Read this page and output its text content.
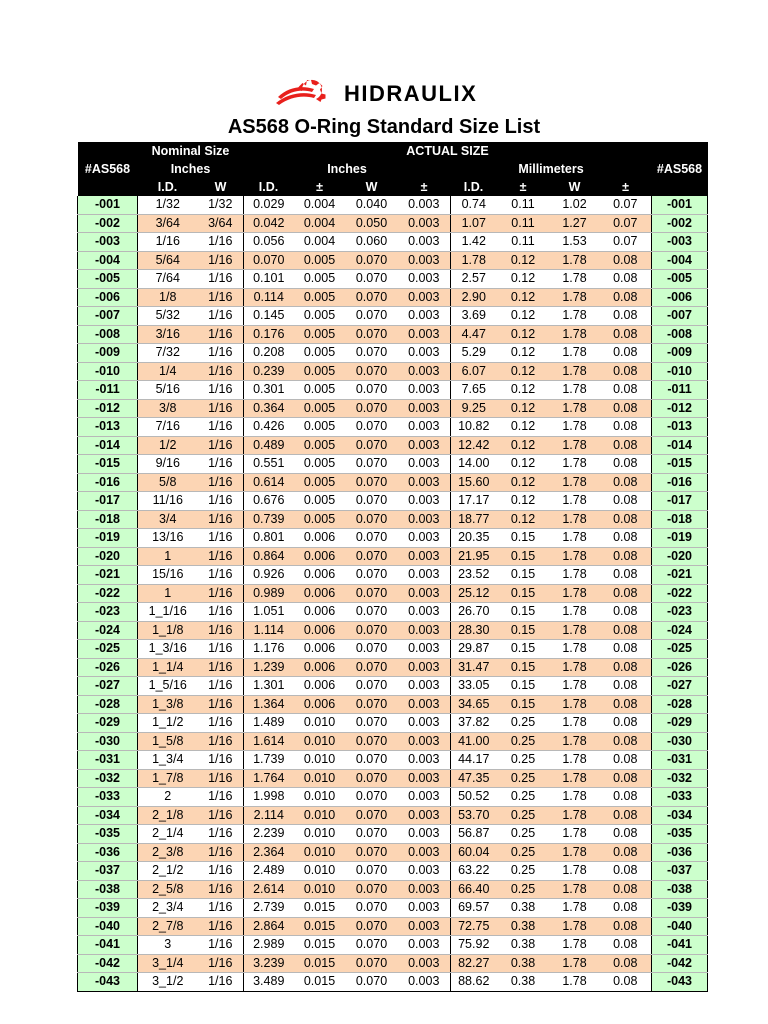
HIDRAULIX
AS568 O-Ring Standard Size List
#AS568	Nominal Size		ACTUAL SIZE								#AS568
	Inches		Inches				Millimeters				
	I.D.	W	I.D.	±	W	±	I.D.	±	W	±	
-001	1/32	1/32	0.029	0.004	0.040	0.003	0.74	0.11	1.02	0.07	-001
-002	3/64	3/64	0.042	0.004	0.050	0.003	1.07	0.11	1.27	0.07	-002
-003	1/16	1/16	0.056	0.004	0.060	0.003	1.42	0.11	1.53	0.07	-003
-004	5/64	1/16	0.070	0.005	0.070	0.003	1.78	0.12	1.78	0.08	-004
-005	7/64	1/16	0.101	0.005	0.070	0.003	2.57	0.12	1.78	0.08	-005
-006	1/8	1/16	0.114	0.005	0.070	0.003	2.90	0.12	1.78	0.08	-006
-007	5/32	1/16	0.145	0.005	0.070	0.003	3.69	0.12	1.78	0.08	-007
-008	3/16	1/16	0.176	0.005	0.070	0.003	4.47	0.12	1.78	0.08	-008
-009	7/32	1/16	0.208	0.005	0.070	0.003	5.29	0.12	1.78	0.08	-009
-010	1/4	1/16	0.239	0.005	0.070	0.003	6.07	0.12	1.78	0.08	-010
-011	5/16	1/16	0.301	0.005	0.070	0.003	7.65	0.12	1.78	0.08	-011
-012	3/8	1/16	0.364	0.005	0.070	0.003	9.25	0.12	1.78	0.08	-012
-013	7/16	1/16	0.426	0.005	0.070	0.003	10.82	0.12	1.78	0.08	-013
-014	1/2	1/16	0.489	0.005	0.070	0.003	12.42	0.12	1.78	0.08	-014
-015	9/16	1/16	0.551	0.005	0.070	0.003	14.00	0.12	1.78	0.08	-015
-016	5/8	1/16	0.614	0.005	0.070	0.003	15.60	0.12	1.78	0.08	-016
-017	11/16	1/16	0.676	0.005	0.070	0.003	17.17	0.12	1.78	0.08	-017
-018	3/4	1/16	0.739	0.005	0.070	0.003	18.77	0.12	1.78	0.08	-018
-019	13/16	1/16	0.801	0.006	0.070	0.003	20.35	0.15	1.78	0.08	-019
-020	1	1/16	0.864	0.006	0.070	0.003	21.95	0.15	1.78	0.08	-020
-021	15/16	1/16	0.926	0.006	0.070	0.003	23.52	0.15	1.78	0.08	-021
-022	1	1/16	0.989	0.006	0.070	0.003	25.12	0.15	1.78	0.08	-022
-023	1_1/16	1/16	1.051	0.006	0.070	0.003	26.70	0.15	1.78	0.08	-023
-024	1_1/8	1/16	1.114	0.006	0.070	0.003	28.30	0.15	1.78	0.08	-024
-025	1_3/16	1/16	1.176	0.006	0.070	0.003	29.87	0.15	1.78	0.08	-025
-026	1_1/4	1/16	1.239	0.006	0.070	0.003	31.47	0.15	1.78	0.08	-026
-027	1_5/16	1/16	1.301	0.006	0.070	0.003	33.05	0.15	1.78	0.08	-027
-028	1_3/8	1/16	1.364	0.006	0.070	0.003	34.65	0.15	1.78	0.08	-028
-029	1_1/2	1/16	1.489	0.010	0.070	0.003	37.82	0.25	1.78	0.08	-029
-030	1_5/8	1/16	1.614	0.010	0.070	0.003	41.00	0.25	1.78	0.08	-030
-031	1_3/4	1/16	1.739	0.010	0.070	0.003	44.17	0.25	1.78	0.08	-031
-032	1_7/8	1/16	1.764	0.010	0.070	0.003	47.35	0.25	1.78	0.08	-032
-033	2	1/16	1.998	0.010	0.070	0.003	50.52	0.25	1.78	0.08	-033
-034	2_1/8	1/16	2.114	0.010	0.070	0.003	53.70	0.25	1.78	0.08	-034
-035	2_1/4	1/16	2.239	0.010	0.070	0.003	56.87	0.25	1.78	0.08	-035
-036	2_3/8	1/16	2.364	0.010	0.070	0.003	60.04	0.25	1.78	0.08	-036
-037	2_1/2	1/16	2.489	0.010	0.070	0.003	63.22	0.25	1.78	0.08	-037
-038	2_5/8	1/16	2.614	0.010	0.070	0.003	66.40	0.25	1.78	0.08	-038
-039	2_3/4	1/16	2.739	0.015	0.070	0.003	69.57	0.38	1.78	0.08	-039
-040	2_7/8	1/16	2.864	0.015	0.070	0.003	72.75	0.38	1.78	0.08	-040
-041	3	1/16	2.989	0.015	0.070	0.003	75.92	0.38	1.78	0.08	-041
-042	3_1/4	1/16	3.239	0.015	0.070	0.003	82.27	0.38	1.78	0.08	-042
-043	3_1/2	1/16	3.489	0.015	0.070	0.003	88.62	0.38	1.78	0.08	-043
